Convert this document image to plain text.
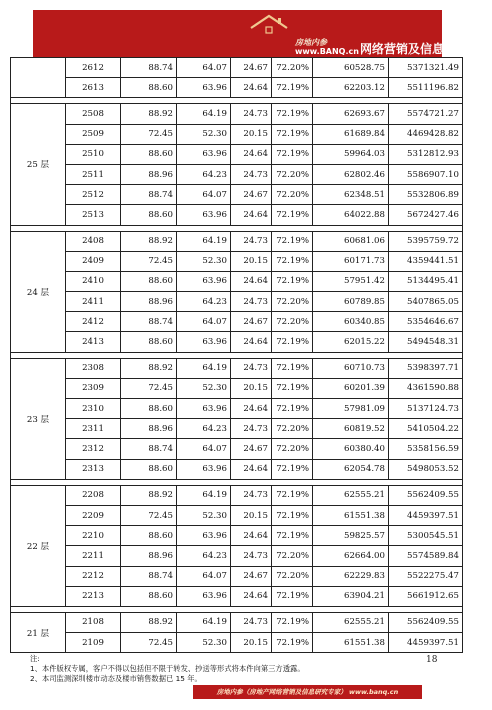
房地内参
www.BANQ.cn 网络营销及信息研究专家
	2612	88.74	64.07	24.67	72.20%	60528.75	5371321.49
	2613	88.60	63.96	24.64	72.19%	62203.12	5511196.82

25 层	2508	88.92	64.19	24.73	72.19%	62693.67	5574721.27
	2509	72.45	52.30	20.15	72.19%	61689.84	4469428.82
	2510	88.60	63.96	24.64	72.19%	59964.03	5312812.93
	2511	88.96	64.23	24.73	72.20%	62802.46	5586907.10
	2512	88.74	64.07	24.67	72.20%	62348.51	5532806.89
	2513	88.60	63.96	24.64	72.19%	64022.88	5672427.46

24 层	2408	88.92	64.19	24.73	72.19%	60681.06	5395759.72
	2409	72.45	52.30	20.15	72.19%	60171.73	4359441.51
	2410	88.60	63.96	24.64	72.19%	57951.42	5134495.41
	2411	88.96	64.23	24.73	72.20%	60789.85	5407865.05
	2412	88.74	64.07	24.67	72.20%	60340.85	5354646.67
	2413	88.60	63.96	24.64	72.19%	62015.22	5494548.31

23 层	2308	88.92	64.19	24.73	72.19%	60710.73	5398397.71
	2309	72.45	52.30	20.15	72.19%	60201.39	4361590.88
	2310	88.60	63.96	24.64	72.19%	57981.09	5137124.73
	2311	88.96	64.23	24.73	72.20%	60819.52	5410504.22
	2312	88.74	64.07	24.67	72.20%	60380.40	5358156.59
	2313	88.60	63.96	24.64	72.19%	62054.78	5498053.52

22 层	2208	88.92	64.19	24.73	72.19%	62555.21	5562409.55
	2209	72.45	52.30	20.15	72.19%	61551.38	4459397.51
	2210	88.60	63.96	24.64	72.19%	59825.57	5300545.51
	2211	88.96	64.23	24.73	72.20%	62664.00	5574589.84
	2212	88.74	64.07	24.67	72.20%	62229.83	5522275.47
	2213	88.60	63.96	24.64	72.19%	63904.21	5661912.65

21 层	2108	88.92	64.19	24.73	72.19%	62555.21	5562409.55
	2109	72.45	52.30	20.15	72.19%	61551.38	4459397.51
注:
1、本件版权专属，客户不得以包括但不限于转发、抄送等形式将本件向第三方透露。
2、本司监测深圳楼市动态及楼市销售数据已 15 年。
18
房地内参（房地产网络营销及信息研究专家） www.banq.cn
